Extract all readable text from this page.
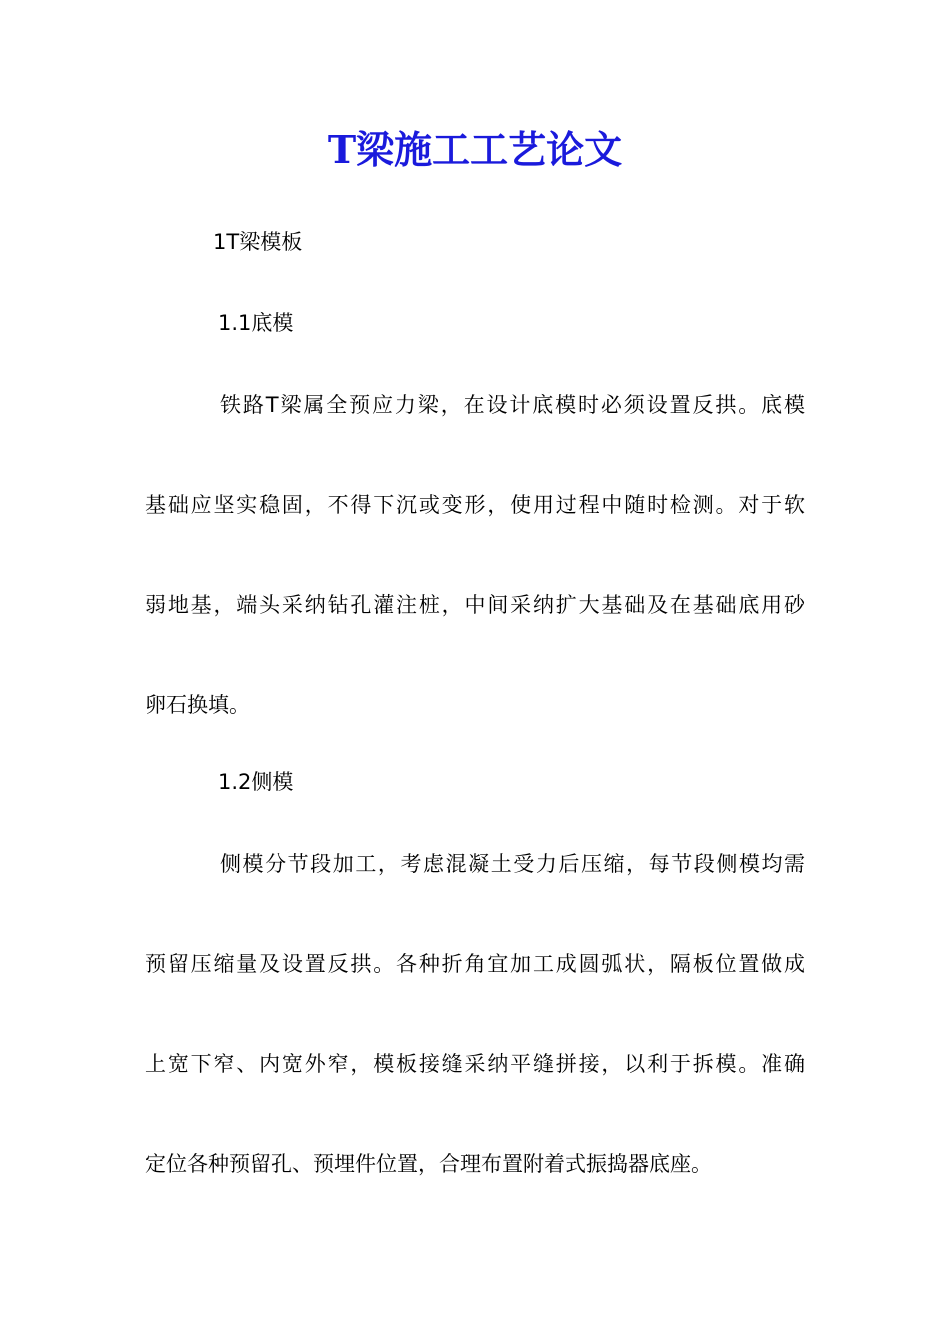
T梁施工工艺论文

1T梁模板

1.1底模

铁路T梁属全预应力梁，在设计底模时必须设置反拱。底模
基础应坚实稳固，不得下沉或变形，使用过程中随时检测。对于软
弱地基，端头采纳钻孔灌注桩，中间采纳扩大基础及在基础底用砂
卵石换填。

1.2侧模

侧模分节段加工，考虑混凝土受力后压缩，每节段侧模均需
预留压缩量及设置反拱。各种折角宜加工成圆弧状，隔板位置做成
上宽下窄、内宽外窄，模板接缝采纳平缝拼接，以利于拆模。准确
定位各种预留孔、预埋件位置，合理布置附着式振捣器底座。
